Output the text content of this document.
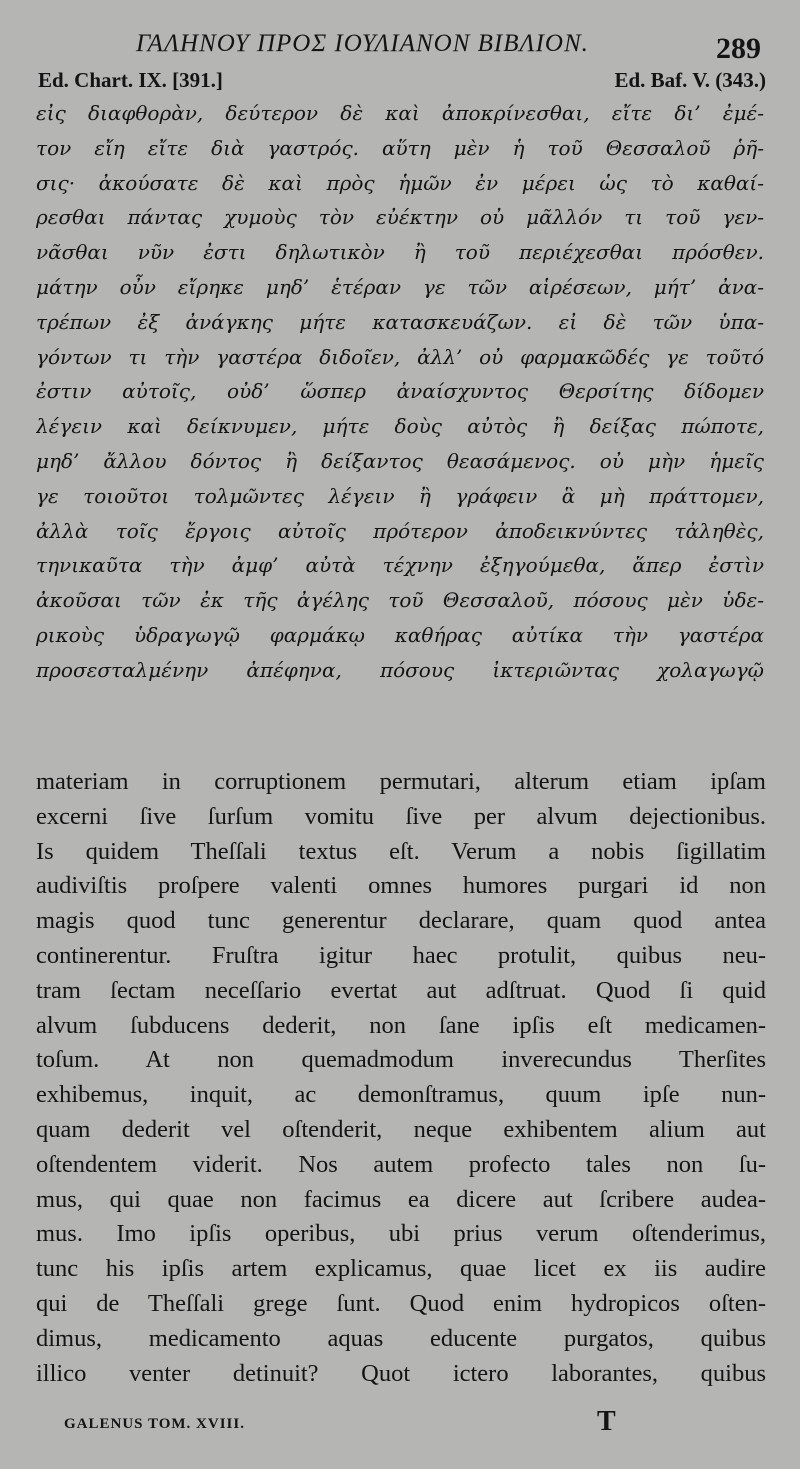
ΓΑΛΗΝΟΥ ΠΡΟΣ ΙΟΥΛΙΑΝΟΝ ΒΙΒΛΙΟΝ.	289
Ed. Chart. IX. [391.]	Ed. Baf. V. (343.)
εἰς διαφθορὰν, δεύτερον δὲ καὶ ἀποκρίνεσθαι, εἴτε δι’ ἐμέ-
τον εἴη εἴτε διὰ γαστρός. αὕτη μὲν ἡ τοῦ Θεσσαλοῦ ῥῆ-
σις· ἀκούσατε δὲ καὶ πρὸς ἡμῶν ἐν μέρει ὡς τὸ καθαί-
ρεσθαι πάντας χυμοὺς τὸν εὐέκτην οὐ μᾶλλόν τι τοῦ γεν-
νᾶσθαι νῦν ἐστι δηλωτικὸν ἢ τοῦ περιέχεσθαι πρόσθεν.
μάτην οὖν εἴρηκε μηδ’ ἑτέραν γε τῶν αἱρέσεων, μήτ’ ἀνα-
τρέπων ἐξ ἀνάγκης μήτε κατασκευάζων. εἰ δὲ τῶν ὑπα-
γόντων τι τὴν γαστέρα διδοῖεν, ἀλλ’ οὐ φαρμακῶδές γε τοῦτό
ἐστιν αὐτοῖς, οὐδ’ ὥσπερ ἀναίσχυντος Θερσίτης δίδομεν
λέγειν καὶ δείκνυμεν, μήτε δοὺς αὐτὸς ἢ δείξας πώποτε,
μηδ’ ἄλλου δόντος ἢ δείξαντος θεασάμενος. οὐ μὴν ἡμεῖς
γε τοιοῦτοι τολμῶντες λέγειν ἢ γράφειν ἃ μὴ πράττομεν,
ἀλλὰ τοῖς ἔργοις αὐτοῖς πρότερον ἀποδεικνύντες τἀληθὲς,
τηνικαῦτα τὴν ἀμφ’ αὐτὰ τέχνην ἐξηγούμεθα, ἅπερ ἐστὶν
ἀκοῦσαι τῶν ἐκ τῆς ἀγέλης τοῦ Θεσσαλοῦ, πόσους μὲν ὑδε-
ρικοὺς ὑδραγωγῷ φαρμάκῳ καθήρας αὐτίκα τὴν γαστέρα
προσεσταλμένην ἀπέφηνα, πόσους ἰκτεριῶντας χολαγωγῷ
materiam in corruptionem permutari, alterum etiam ipſam
excerni ſive ſurſum vomitu ſive per alvum dejectionibus.
Is quidem Theſſali textus eſt. Verum a nobis ſigillatim
audiviſtis proſpere valenti omnes humores purgari id non
magis quod tunc generentur declarare, quam quod antea
continerentur. Fruſtra igitur haec protulit, quibus neu-
tram ſectam neceſſario evertat aut adſtruat. Quod ſi quid
alvum ſubducens dederit, non ſane ipſis eſt medicamen-
toſum. At non quemadmodum inverecundus Therſites
exhibemus, inquit, ac demonſtramus, quum ipſe nun-
quam dederit vel oſtenderit, neque exhibentem alium aut
oſtendentem viderit. Nos autem profecto tales non ſu-
mus, qui quae non facimus ea dicere aut ſcribere audea-
mus. Imo ipſis operibus, ubi prius verum oſtenderimus,
tunc his ipſis artem explicamus, quae licet ex iis audire
qui de Theſſali grege ſunt. Quod enim hydropicos oſten-
dimus, medicamento aquas educente purgatos, quibus
illico venter detinuit? Quot ictero laborantes, quibus
GALENUS TOM. XVIII.	T
